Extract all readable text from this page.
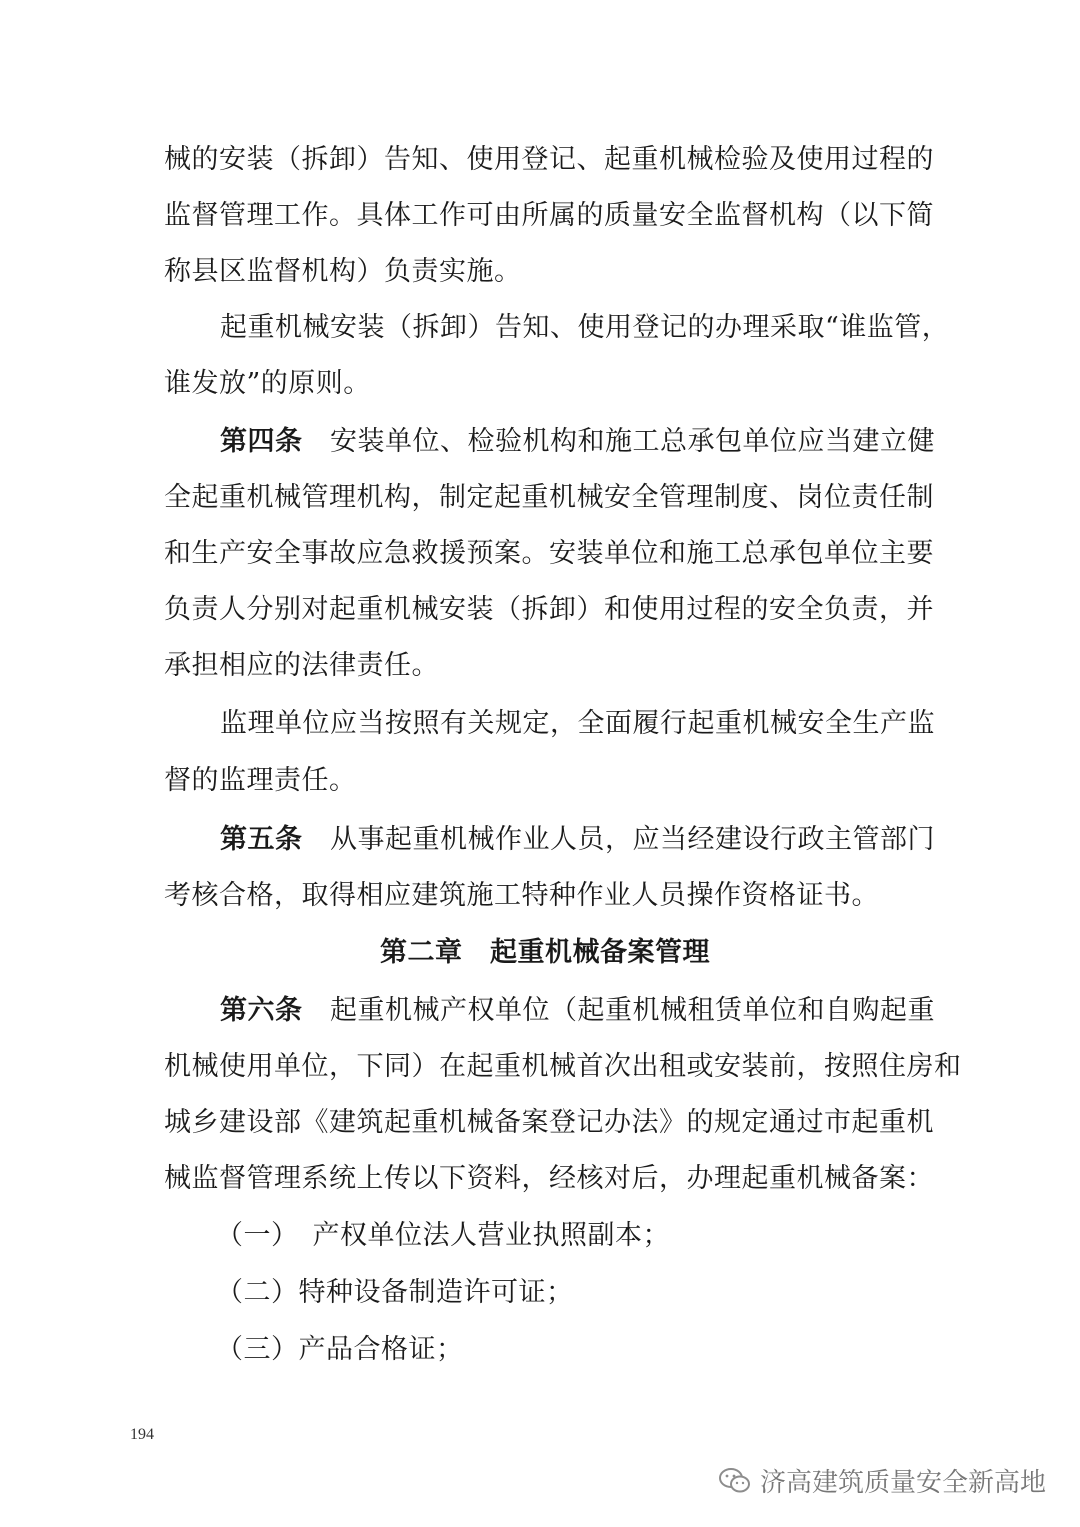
械的安装（拆卸）告知、使用登记、起重机械检验及使用过程的
监督管理工作。具体工作可由所属的质量安全监督机构（以下简
称县区监督机构）负责实施。
起重机械安装（拆卸）告知、使用登记的办理采取“谁监管，
谁发放”的原则。
第四条　 安装单位、检验机构和施工总承包单位应当建立健
全起重机械管理机构，制定起重机械安全管理制度、岗位责任制
和生产安全事故应急救援预案。安装单位和施工总承包单位主要
负责人分别对起重机械安装（拆卸）和使用过程的安全负责，并
承担相应的法律责任。
监理单位应当按照有关规定，全面履行起重机械安全生产监
督的监理责任。
第五条　 从事起重机械作业人员，应当经建设行政主管部门
考核合格，取得相应建筑施工特种作业人员操作资格证书。
第二章　起重机械备案管理
第六条　 起重机械产权单位（起重机械租赁单位和自购起重
机械使用单位，下同）在起重机械首次出租或安装前，按照住房和
城乡建设部《建筑起重机械备案登记办法》的规定通过市起重机
械监督管理系统上传以下资料，经核对后，办理起重机械备案：
（一）　产权单位法人营业执照副本；
（二）特种设备制造许可证；
（三）产品合格证；
194
济高建筑质量安全新高地
